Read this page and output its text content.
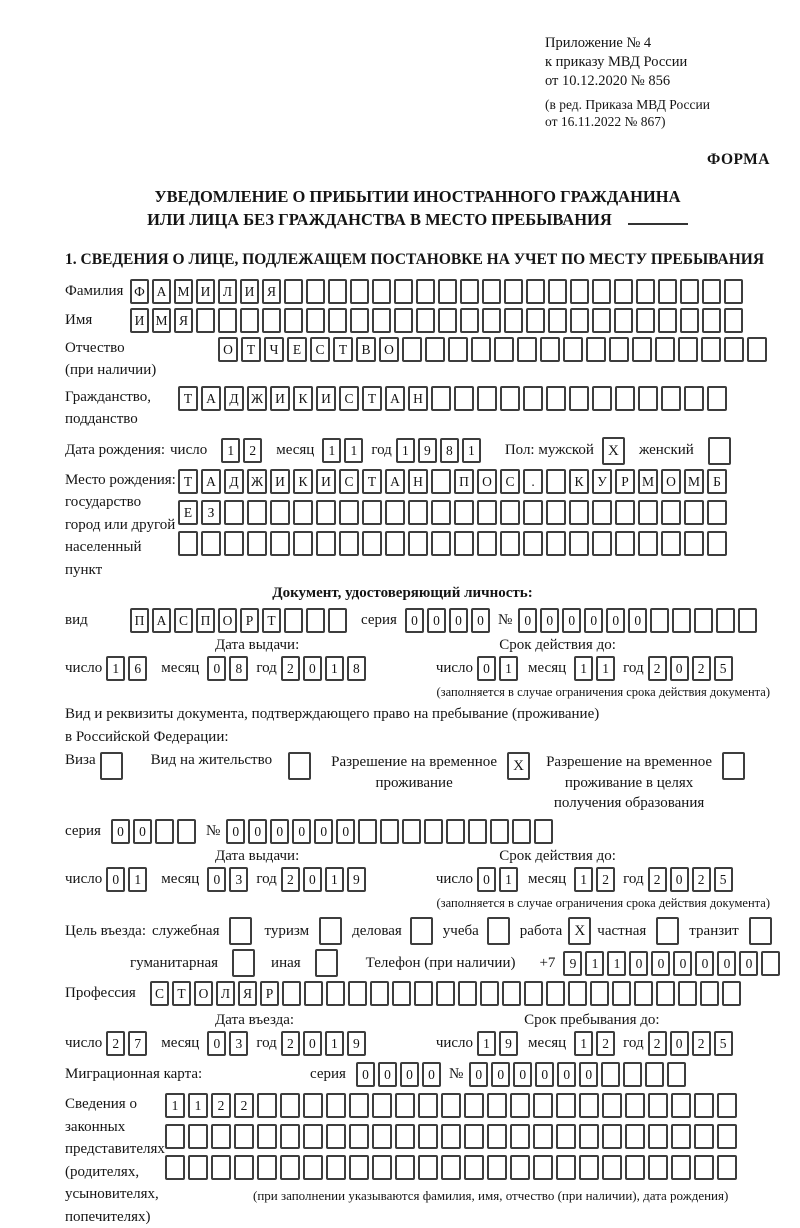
Приложение № 4
к приказу МВД России
от 10.12.2020 № 856
(в ред. Приказа МВД России
от 16.11.2022 № 867)
ФОРМА
УВЕДОМЛЕНИЕ О ПРИБЫТИИ ИНОСТРАННОГО ГРАЖДАНИНА
ИЛИ ЛИЦА БЕЗ ГРАЖДАНСТВА В МЕСТО ПРЕБЫВАНИЯ
1. СВЕДЕНИЯ О ЛИЦЕ, ПОДЛЕЖАЩЕМ ПОСТАНОВКЕ НА УЧЕТ ПО МЕСТУ ПРЕБЫВАНИЯ
Фамилия Ф А М И Л И Я
Имя	И М Я
Отчество
(при наличии)
О	Т	Ч	Е	С	Т	В	О
Гражданство,
подданство
Т	А	Д Ж И	К	И	С	Т	А Н
Дата рождения: число	1	2	месяц	1	1 год 1	9	8	1	Пол: мужской X	женский
Место рождения:
государство
город или другой
населенный пункт
Т	А	Д Ж И	К	И	С	Т	А Н	П О	С	.	К	У	Р М О М Б
Е	З
Документ, удостоверяющий личность:
вид	П А С П О Р	Т	серия	0	0	0	0 № 0	0	0	0	0	0
Дата выдачи:	Срок действия до:
число 1	6	месяц	0	8 год 2	0	1	8	число 0	1	месяц	1	1 год 2	0	2	5
(заполняется в случае ограничения срока действия документа)
Вид и реквизиты документа, подтверждающего право на пребывание (проживание)
в Российской Федерации:
Виза	Вид на жительство	Разрешение на временное
проживание
X	Разрешение на временное
проживание в целях
получения образования
серия	0	0	№ 0	0	0	0	0	0
Дата выдачи:	Срок действия до:
число 0	1	месяц	0	3 год 2	0	1	9	число 0	1	месяц	1	2 год 2	0	2	5
(заполняется в случае ограничения срока действия документа)
Цель въезда: служебная	туризм	деловая	учеба	работа X частная	транзит
гуманитарная	иная	Телефон (при наличии) +7	9	1	1	0	0	0	0	0	0
Профессия	С Т О Л Я	Р
Дата въезда:	Срок пребывания до:
число 2	7	месяц	0	3 год 2	0	1	9	число 1	9	месяц	1	2 год 2	0	2	5
Миграционная карта:	серия	0	0	0	0 № 0	0	0	0	0	0
Сведения о
законных
представителях
(родителях,
усыновителях,
попечителях)
1	1	2	2
(при заполнении указываются фамилия, имя, отчество (при наличии), дата рождения)
